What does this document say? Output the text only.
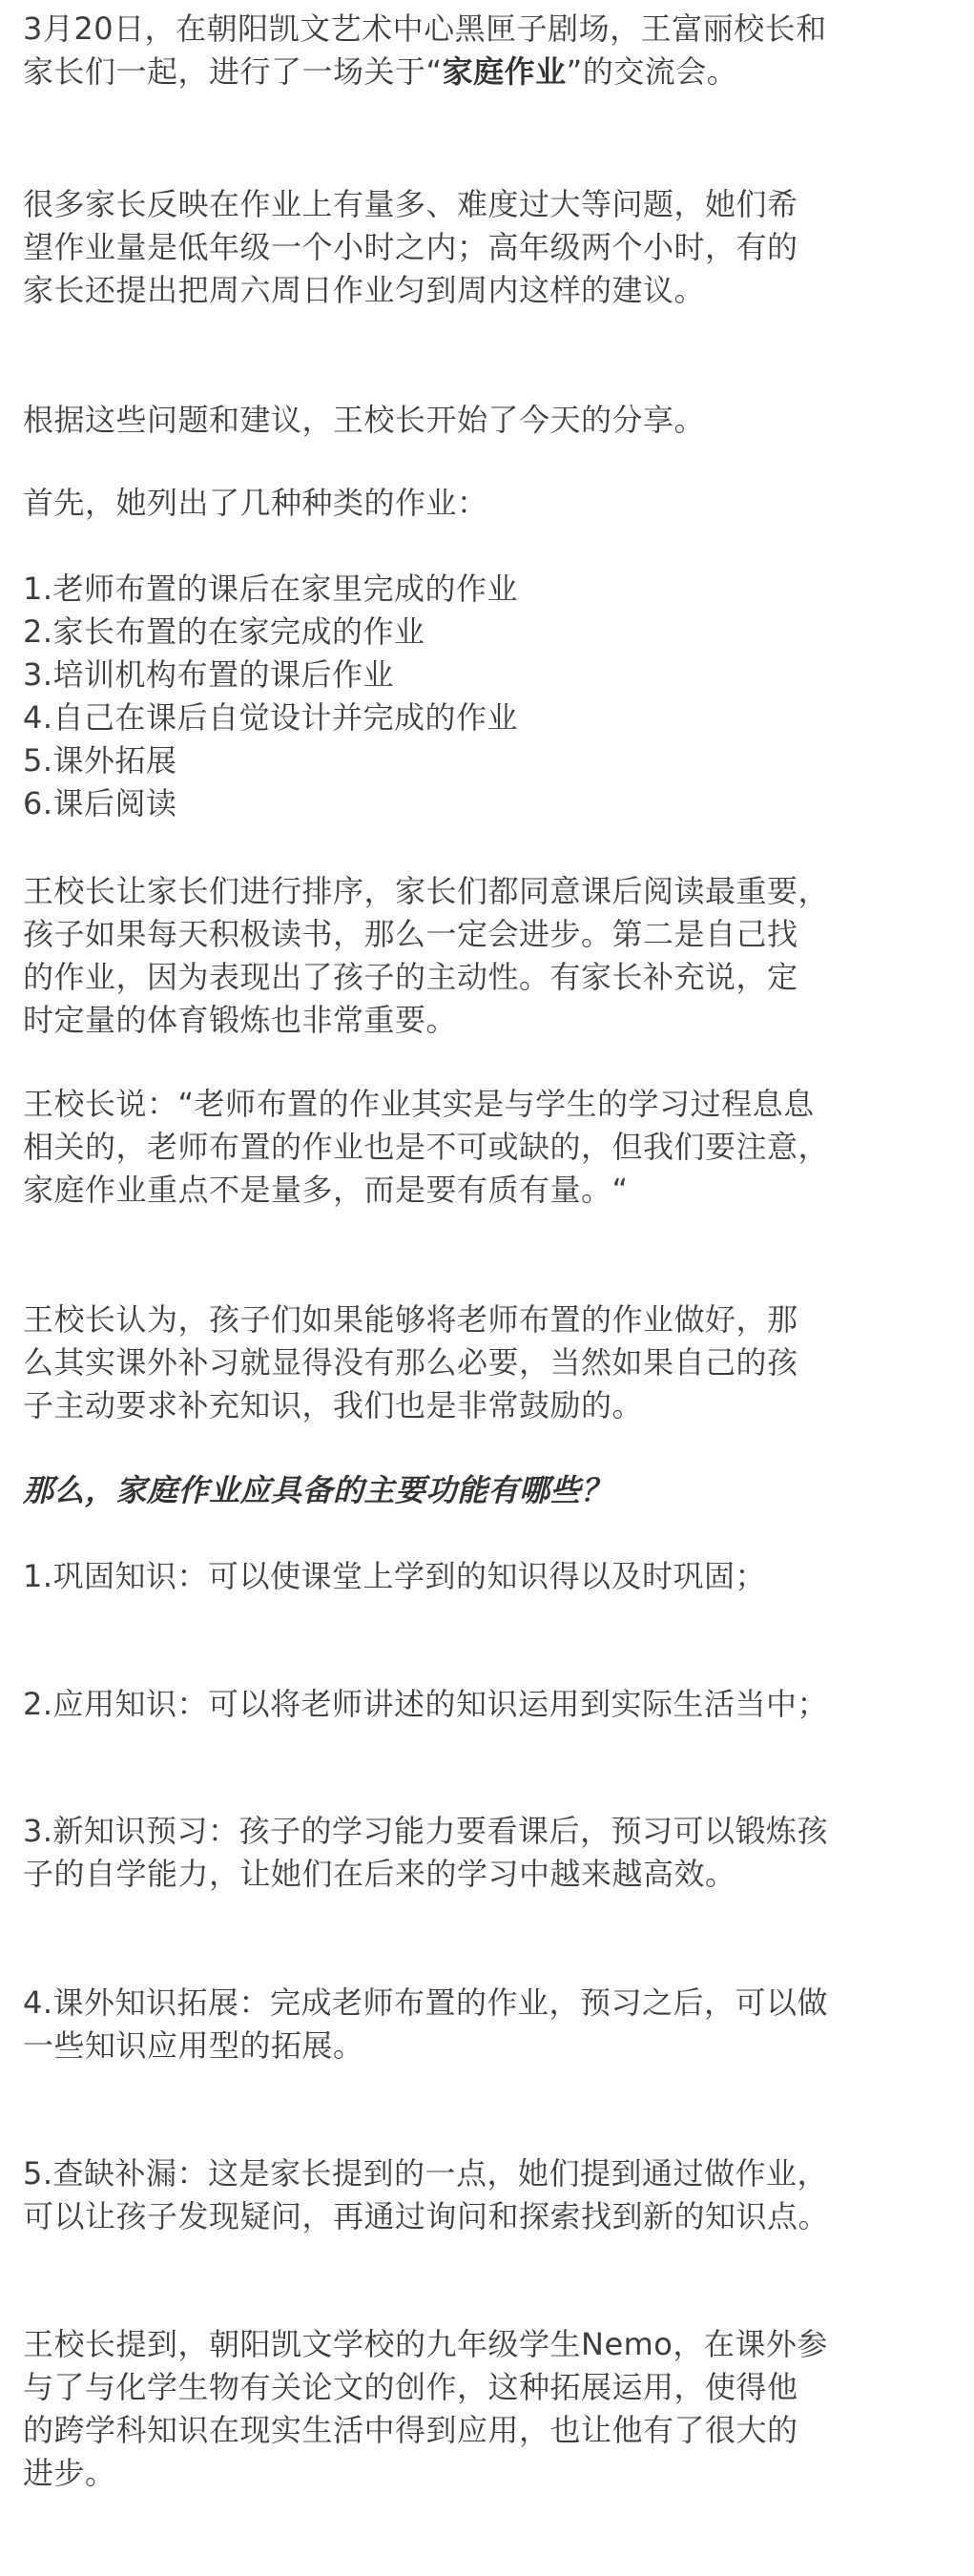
3月20日，在朝阳凯文艺术中心黑匣子剧场，王富丽校长和
家长们一起，进行了一场关于“家庭作业”的交流会。

很多家长反映在作业上有量多、难度过大等问题，她们希
望作业量是低年级一个小时之内；高年级两个小时，有的
家长还提出把周六周日作业匀到周内这样的建议。

根据这些问题和建议，王校长开始了今天的分享。

首先，她列出了几种种类的作业：

1.老师布置的课后在家里完成的作业
2.家长布置的在家完成的作业
3.培训机构布置的课后作业
4.自己在课后自觉设计并完成的作业
5.课外拓展
6.课后阅读

王校长让家长们进行排序，家长们都同意课后阅读最重要，
孩子如果每天积极读书，那么一定会进步。第二是自己找
的作业，因为表现出了孩子的主动性。有家长补充说，定
时定量的体育锻炼也非常重要。

王校长说：“老师布置的作业其实是与学生的学习过程息息
相关的，老师布置的作业也是不可或缺的，但我们要注意，
家庭作业重点不是量多，而是要有质有量。“

王校长认为，孩子们如果能够将老师布置的作业做好，那
么其实课外补习就显得没有那么必要，当然如果自己的孩
子主动要求补充知识，我们也是非常鼓励的。

那么，家庭作业应具备的主要功能有哪些？

1.巩固知识：可以使课堂上学到的知识得以及时巩固；

2.应用知识：可以将老师讲述的知识运用到实际生活当中；

3.新知识预习：孩子的学习能力要看课后，预习可以锻炼孩
子的自学能力，让她们在后来的学习中越来越高效。

4.课外知识拓展：完成老师布置的作业，预习之后，可以做
一些知识应用型的拓展。

5.查缺补漏：这是家长提到的一点，她们提到通过做作业，
可以让孩子发现疑问，再通过询问和探索找到新的知识点。

王校长提到，朝阳凯文学校的九年级学生Nemo，在课外参
与了与化学生物有关论文的创作，这种拓展运用，使得他
的跨学科知识在现实生活中得到应用，也让他有了很大的
进步。
